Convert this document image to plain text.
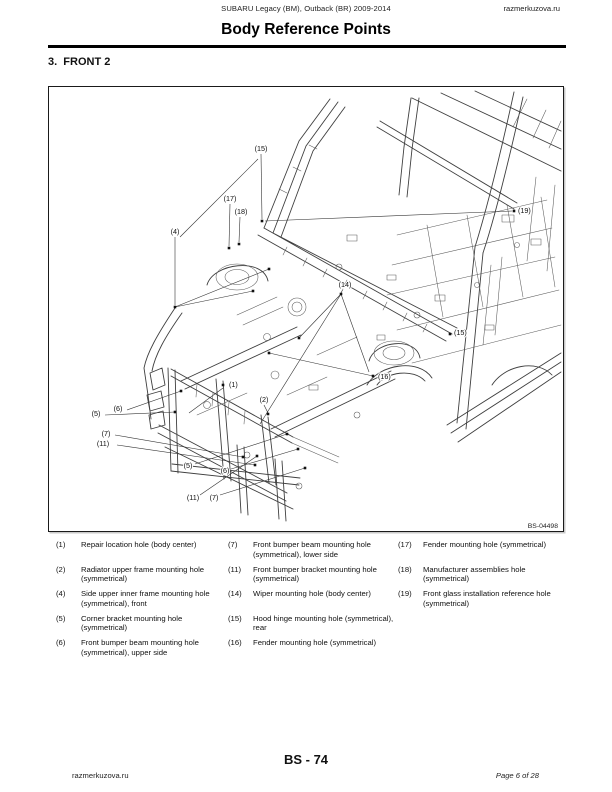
SUBARU Legacy (BM), Outback (BR) 2009-2014	razmerkuzova.ru
Body Reference Points
3.  FRONT 2
(15)
(17)
(18)
(4)
(19)
(14)
(15)
(16)
(1)
(2)
(5)
(6)
(7)
(11)
(5)
(6)
(11) (7)
BS-04498
(1)	Repair location hole (body center)
(2)	Radiator upper frame mounting hole (symmetrical)
(4)	Side upper inner frame mounting hole (symmetrical), front
(5)	Corner bracket mounting hole (symmetrical)
(6)	Front bumper beam mounting hole (symmetrical), upper side
(7)	Front bumper beam mounting hole (symmetrical), lower side
(11)	Front bumper bracket mounting hole (symmetrical)
(14)	Wiper mounting hole (body center)
(15)	Hood hinge mounting hole (symmetrical), rear
(16)	Fender mounting hole (symmetrical)
(17)	Fender mounting hole (symmetrical)
(18)	Manufacturer assemblies hole (symmetrical)
(19)	Front glass installation reference hole (symmetrical)
BS - 74
razmerkuzova.ru	Page 6 of 28
